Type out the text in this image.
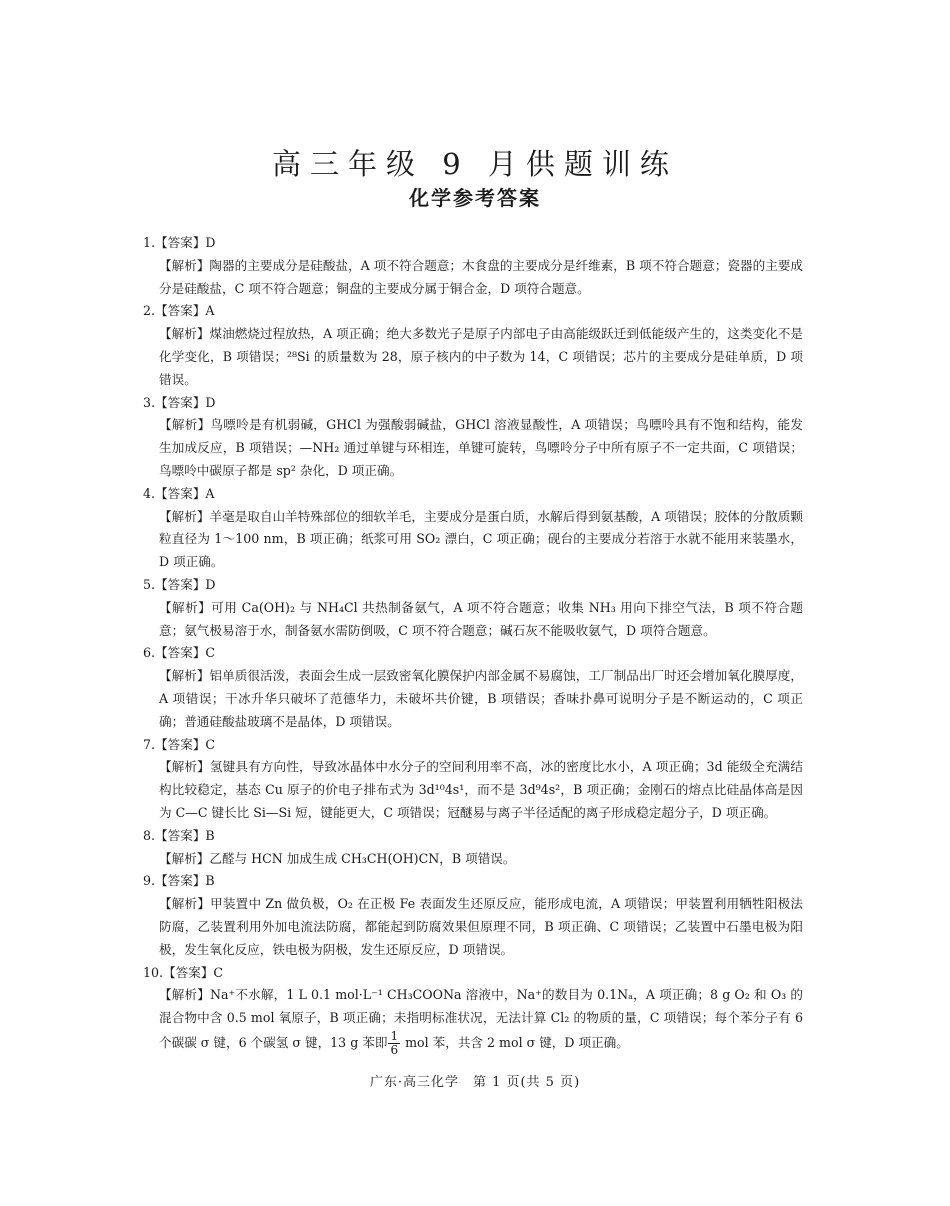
高三年级 9 月供题训练
化学参考答案
1.【答案】D
【解析】陶器的主要成分是硅酸盐，A 项不符合题意；木食盘的主要成分是纤维素，B 项不符合题意；瓷器的主要成分是硅酸盐，C 项不符合题意；铜盘的主要成分属于铜合金，D 项符合题意。
2.【答案】A
【解析】煤油燃烧过程放热，A 项正确；绝大多数光子是原子内部电子由高能级跃迁到低能级产生的，这类变化不是化学变化，B 项错误；²⁸Si 的质量数为 28，原子核内的中子数为 14，C 项错误；芯片的主要成分是硅单质，D 项错误。
3.【答案】D
【解析】鸟嘌呤是有机弱碱，GHCl 为强酸弱碱盐，GHCl 溶液显酸性，A 项错误；鸟嘌呤具有不饱和结构，能发生加成反应，B 项错误；—NH₂ 通过单键与环相连，单键可旋转，鸟嘌呤分子中所有原子不一定共面，C 项错误；鸟嘌呤中碳原子都是 sp² 杂化，D 项正确。
4.【答案】A
【解析】羊毫是取自山羊特殊部位的细软羊毛，主要成分是蛋白质，水解后得到氨基酸，A 项错误；胶体的分散质颗粒直径为 1～100 nm，B 项正确；纸浆可用 SO₂ 漂白，C 项正确；砚台的主要成分若溶于水就不能用来装墨水，D 项正确。
5.【答案】D
【解析】可用 Ca(OH)₂ 与 NH₄Cl 共热制备氨气，A 项不符合题意；收集 NH₃ 用向下排空气法，B 项不符合题意；氨气极易溶于水，制备氨水需防倒吸，C 项不符合题意；碱石灰不能吸收氨气，D 项符合题意。
6.【答案】C
【解析】铝单质很活泼，表面会生成一层致密氧化膜保护内部金属不易腐蚀，工厂制品出厂时还会增加氧化膜厚度，A 项错误；干冰升华只破坏了范德华力，未破坏共价键，B 项错误；香味扑鼻可说明分子是不断运动的，C 项正确；普通硅酸盐玻璃不是晶体，D 项错误。
7.【答案】C
【解析】氢键具有方向性，导致冰晶体中水分子的空间利用率不高，冰的密度比水小，A 项正确；3d 能级全充满结构比较稳定，基态 Cu 原子的价电子排布式为 3d¹⁰4s¹，而不是 3d⁹4s²，B 项正确；金刚石的熔点比硅晶体高是因为 C—C 键长比 Si—Si 短，键能更大，C 项错误；冠醚易与离子半径适配的离子形成稳定超分子，D 项正确。
8.【答案】B
【解析】乙醛与 HCN 加成生成 CH₃CH(OH)CN，B 项错误。
9.【答案】B
【解析】甲装置中 Zn 做负极，O₂ 在正极 Fe 表面发生还原反应，能形成电流，A 项错误；甲装置利用牺牲阳极法防腐，乙装置利用外加电流法防腐，都能起到防腐效果但原理不同，B 项正确、C 项错误；乙装置中石墨电极为阳极，发生氧化反应，铁电极为阴极，发生还原反应，D 项错误。
10.【答案】C
【解析】Na⁺不水解，1 L 0.1 mol·L⁻¹ CH₃COONa 溶液中，Na⁺的数目为 0.1Nₐ，A 项正确；8 g O₂ 和 O₃ 的混合物中含 0.5 mol 氧原子，B 项正确；未指明标准状况，无法计算 Cl₂ 的物质的量，C 项错误；每个苯分子有 6 个碳碳 σ 键，6 个碳氢 σ 键，13 g 苯即 $\frac{1}{6}$ mol 苯，共含 2 mol σ 键，D 项正确。
广东·高三化学　第 1 页(共 5 页)
